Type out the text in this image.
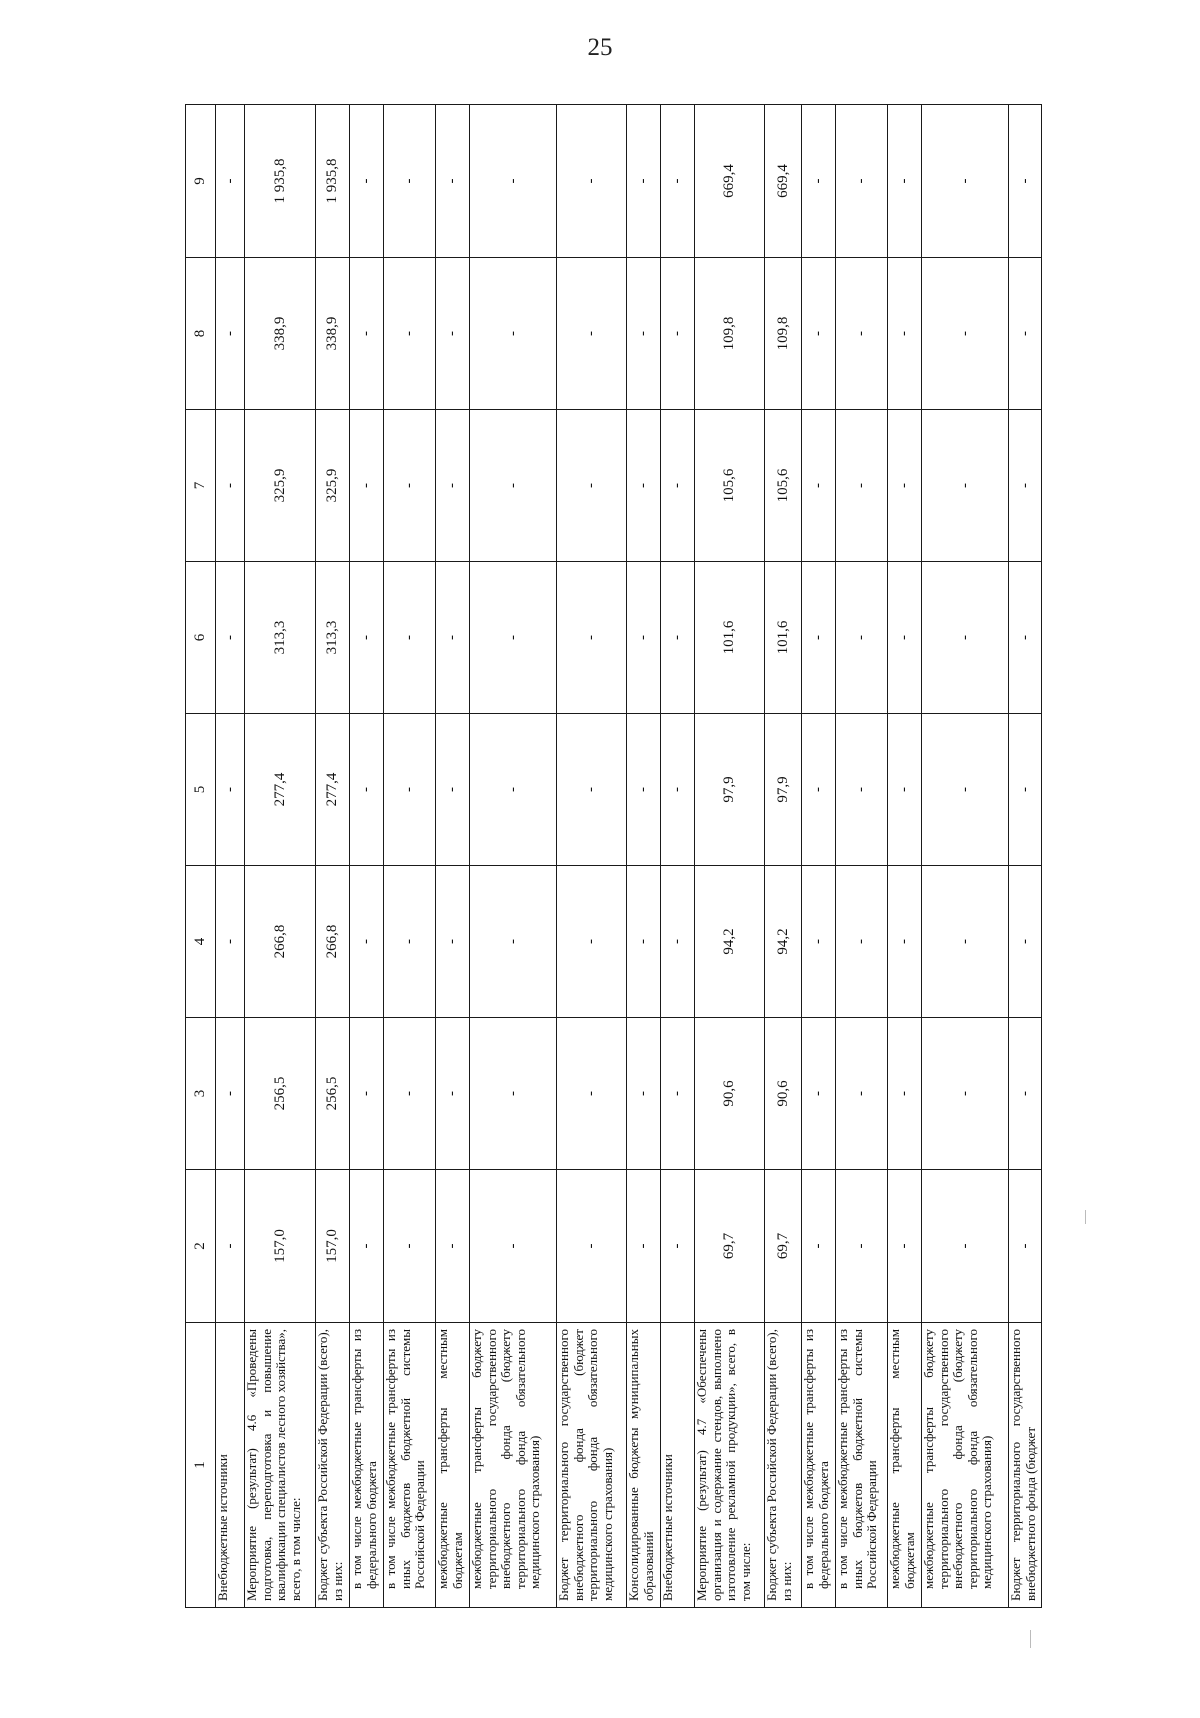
25
1	2	3	4	5	6	7	8	9
Внебюджетные источники	-	-	-	-	-	-	-	-
Мероприятие (результат) 4.6 «Проведены подготовка, переподготовка и повышение квалификации специалистов лесного хозяйства», всего, в том числе:	157,0	256,5	266,8	277,4	313,3	325,9	338,9	1 935,8
Бюджет субъекта Российской Федерации (всего), из них:	157,0	256,5	266,8	277,4	313,3	325,9	338,9	1 935,8
в том числе межбюджетные трансферты из федерального бюджета	-	-	-	-	-	-	-	-
в том числе межбюджетные трансферты из иных бюджетов бюджетной системы Российской Федерации	-	-	-	-	-	-	-	-
межбюджетные трансферты местным бюджетам	-	-	-	-	-	-	-	-
межбюджетные трансферты бюджету территориального государственного внебюджетного фонда (бюджету территориального фонда обязательного медицинского страхования)	-	-	-	-	-	-	-	-
Бюджет территориального государственного внебюджетного фонда (бюджет территориального фонда обязательного медицинского страхования)	-	-	-	-	-	-	-	-
Консолидированные бюджеты муниципальных образований	-	-	-	-	-	-	-	-
Внебюджетные источники	-	-	-	-	-	-	-	-
Мероприятие (результат) 4.7 «Обеспечены организация и содержание стендов, выполнено изготовление рекламной продукции», всего, в том числе:	69,7	90,6	94,2	97,9	101,6	105,6	109,8	669,4
Бюджет субъекта Российской Федерации (всего), из них:	69,7	90,6	94,2	97,9	101,6	105,6	109,8	669,4
в том числе межбюджетные трансферты из федерального бюджета	-	-	-	-	-	-	-	-
в том числе межбюджетные трансферты из иных бюджетов бюджетной системы Российской Федерации	-	-	-	-	-	-	-	-
межбюджетные трансферты местным бюджетам	-	-	-	-	-	-	-	-
межбюджетные трансферты бюджету территориального государственного внебюджетного фонда (бюджету территориального фонда обязательного медицинского страхования)	-	-	-	-	-	-	-	-
Бюджет территориального государственного внебюджетного фонда (бюджет	-	-	-	-	-	-	-	-
